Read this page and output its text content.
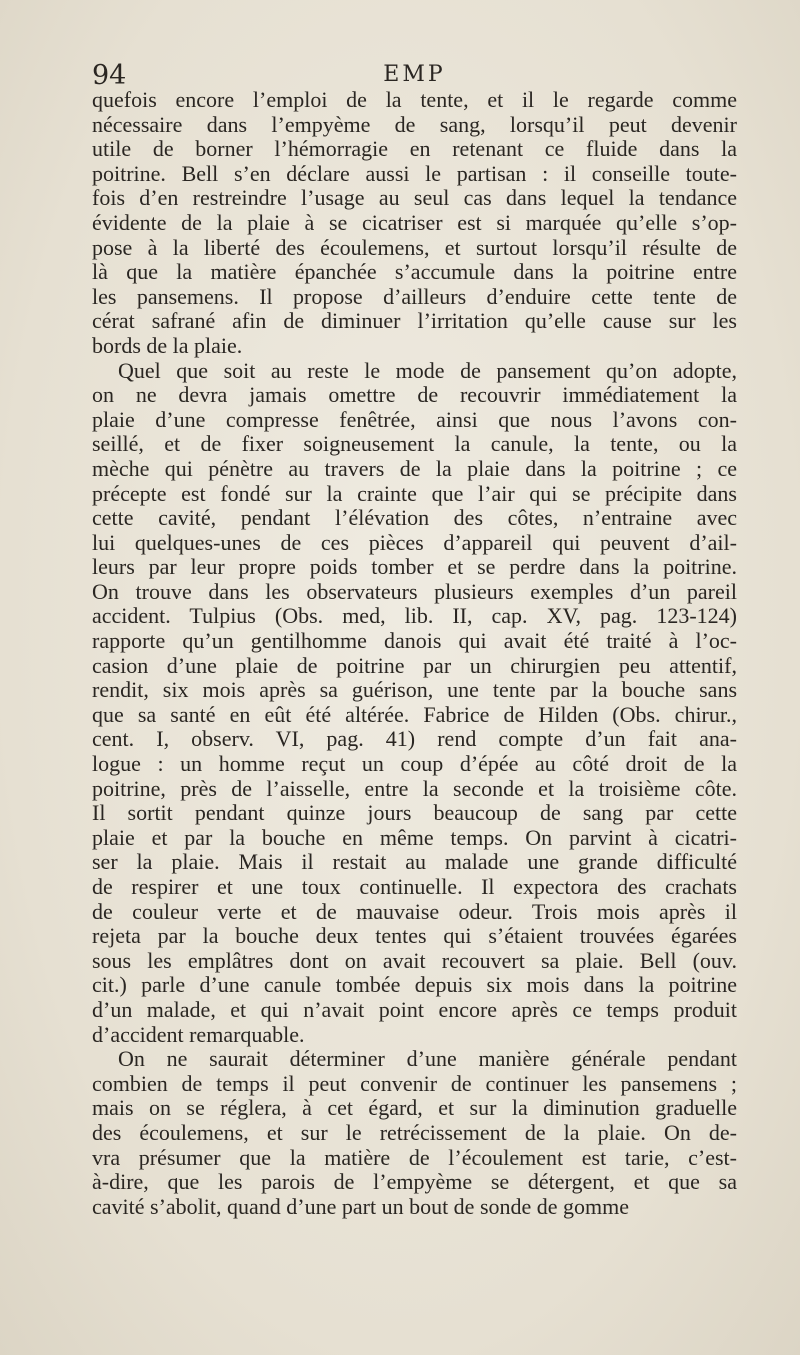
94	EMP
quefois encore l’emploi de la tente, et il le regarde comme
nécessaire dans l’empyème de sang, lorsqu’il peut devenir
utile de borner l’hémorragie en retenant ce fluide dans la
poitrine. Bell s’en déclare aussi le partisan : il conseille toute-
fois d’en restreindre l’usage au seul cas dans lequel la tendance
évidente de la plaie à se cicatriser est si marquée qu’elle s’op-
pose à la liberté des écoulemens, et surtout lorsqu’il résulte de
là que la matière épanchée s’accumule dans la poitrine entre
les pansemens. Il propose d’ailleurs d’enduire cette tente de
cérat safrané afin de diminuer l’irritation qu’elle cause sur les
bords de la plaie.
Quel que soit au reste le mode de pansement qu’on adopte,
on ne devra jamais omettre de recouvrir immédiatement la
plaie d’une compresse fenêtrée, ainsi que nous l’avons con-
seillé, et de fixer soigneusement la canule, la tente, ou la
mèche qui pénètre au travers de la plaie dans la poitrine ; ce
précepte est fondé sur la crainte que l’air qui se précipite dans
cette cavité, pendant l’élévation des côtes, n’entraine avec
lui quelques-unes de ces pièces d’appareil qui peuvent d’ail-
leurs par leur propre poids tomber et se perdre dans la poitrine.
On trouve dans les observateurs plusieurs exemples d’un pareil
accident. Tulpius (Obs. med, lib. II, cap. XV, pag. 123-124)
rapporte qu’un gentilhomme danois qui avait été traité à l’oc-
casion d’une plaie de poitrine par un chirurgien peu attentif,
rendit, six mois après sa guérison, une tente par la bouche sans
que sa santé en eût été altérée. Fabrice de Hilden (Obs. chirur.,
cent. I, observ. VI, pag. 41) rend compte d’un fait ana-
logue : un homme reçut un coup d’épée au côté droit de la
poitrine, près de l’aisselle, entre la seconde et la troisième côte.
Il sortit pendant quinze jours beaucoup de sang par cette
plaie et par la bouche en même temps. On parvint à cicatri-
ser la plaie. Mais il restait au malade une grande difficulté
de respirer et une toux continuelle. Il expectora des crachats
de couleur verte et de mauvaise odeur. Trois mois après il
rejeta par la bouche deux tentes qui s’étaient trouvées égarées
sous les emplâtres dont on avait recouvert sa plaie. Bell (ouv.
cit.) parle d’une canule tombée depuis six mois dans la poitrine
d’un malade, et qui n’avait point encore après ce temps produit
d’accident remarquable.
On ne saurait déterminer d’une manière générale pendant
combien de temps il peut convenir de continuer les pansemens ;
mais on se réglera, à cet égard, et sur la diminution graduelle
des écoulemens, et sur le retrécissement de la plaie. On de-
vra présumer que la matière de l’écoulement est tarie, c’est-
à-dire, que les parois de l’empyème se détergent, et que sa
cavité s’abolit, quand d’une part un bout de sonde de gomme
